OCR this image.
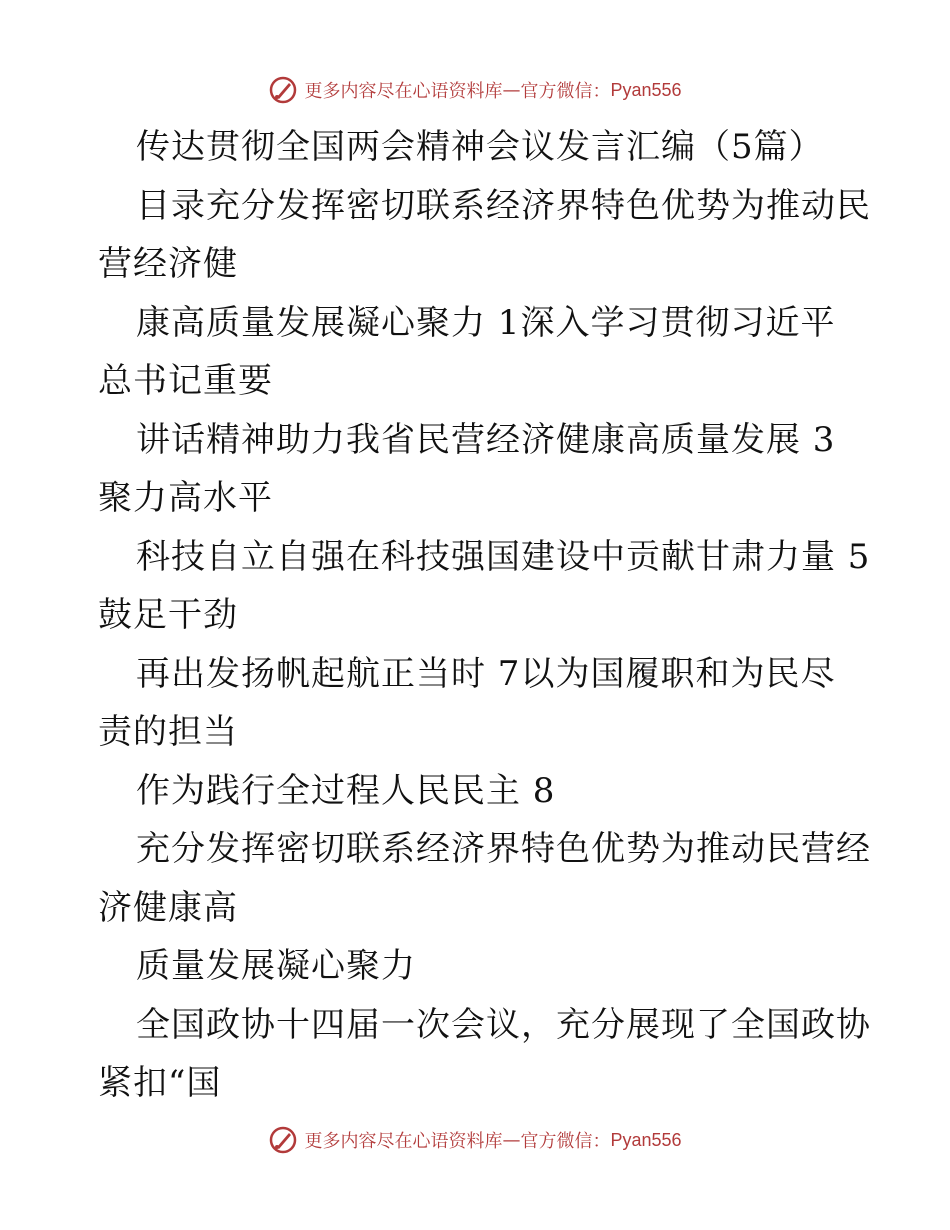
更多内容尽在心语资料库 — 官方微信： Pyan556
传达贯彻全国两会精神会议发言汇编（5篇）
目录充分发挥密切联系经济界特色优势为推动民
营经济健
康高质量发展凝心聚力 1深入学习贯彻习近平
总书记重要
讲话精神助力我省民营经济健康高质量发展 3
聚力高水平
科技自立自强在科技强国建设中贡献甘肃力量 5
鼓足干劲
再出发扬帆起航正当时 7以为国履职和为民尽
责的担当
作为践行全过程人民民主 8
充分发挥密切联系经济界特色优势为推动民营经
济健康高
质量发展凝心聚力
全国政协十四届一次会议，充分展现了全国政协
紧扣“国
更多内容尽在心语资料库 — 官方微信： Pyan556
